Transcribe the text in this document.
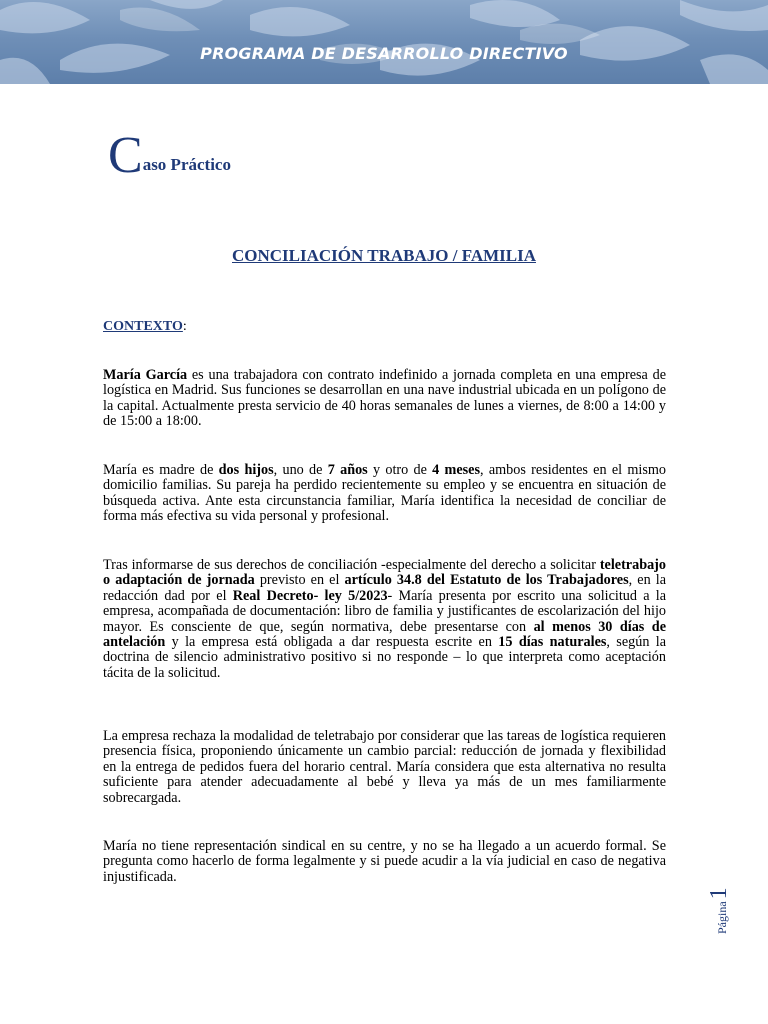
PROGRAMA DE DESARROLLO DIRECTIVO
Caso Práctico
CONCILIACIÓN TRABAJO / FAMILIA
CONTEXTO:
María García es una trabajadora con contrato indefinido a jornada completa en una empresa de logística en Madrid. Sus funciones se desarrollan en una nave industrial ubicada en un polígono de la capital. Actualmente presta servicio de 40 horas semanales de lunes a viernes, de 8:00 a 14:00 y de 15:00 a 18:00.
María es madre de dos hijos, uno de 7 años y otro de 4 meses, ambos residentes en el mismo domicilio familias. Su pareja ha perdido recientemente su empleo y se encuentra en situación de búsqueda activa. Ante esta circunstancia familiar, María identifica la necesidad de conciliar de forma más efectiva su vida personal y profesional.
Tras informarse de sus derechos de conciliación -especialmente del derecho a solicitar teletrabajo o adaptación de jornada previsto en el artículo 34.8 del Estatuto de los Trabajadores, en la redacción dad por el Real Decreto- ley 5/2023- María presenta por escrito una solicitud a la empresa, acompañada de documentación: libro de familia y justificantes de escolarización del hijo mayor. Es consciente de que, según normativa, debe presentarse con al menos 30 días de antelación y la empresa está obligada a dar respuesta escrite en 15 días naturales, según la doctrina de silencio administrativo positivo si no responde – lo que interpreta como aceptación tácita de la solicitud.
La empresa rechaza la modalidad de teletrabajo por considerar que las tareas de logística requieren presencia física, proponiendo únicamente un cambio parcial: reducción de jornada y flexibilidad en la entrega de pedidos fuera del horario central. María considera que esta alternativa no resulta suficiente para atender adecuadamente al bebé y lleva ya más de un mes familiarmente sobrecargada.
María no tiene representación sindical en su centre, y no se ha llegado a un acuerdo formal. Se pregunta como hacerlo de forma legalmente y si puede acudir a la vía judicial en caso de negativa injustificada.
Página1
